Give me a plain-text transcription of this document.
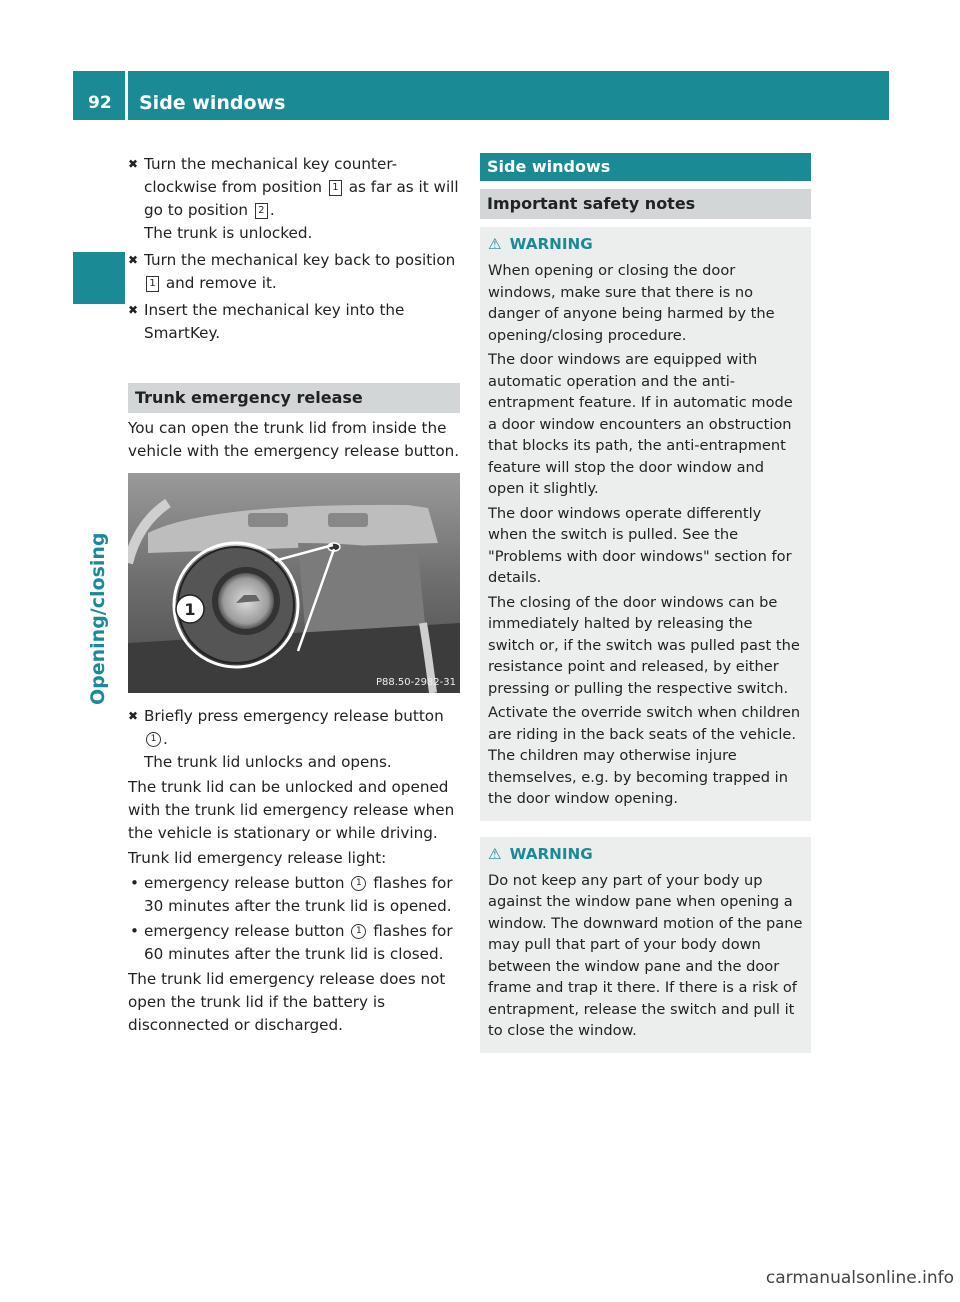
92 Side windows
Opening/closing
✖ Turn the mechanical key counter-clockwise from position 1 as far as it will go to position 2 .
The trunk is unlocked.
✖ Turn the mechanical key back to position 1 and remove it.
✖ Insert the mechanical key into the SmartKey.
Trunk emergency release

You can open the trunk lid from inside the vehicle with the emergency release button.

1
P88.50-2982-31
✖ Briefly press emergency release button 1 .
The trunk lid unlocks and opens.

The trunk lid can be unlocked and opened with the trunk lid emergency release when the vehicle is stationary or while driving.

Trunk lid emergency release light:

• emergency release button 1 flashes for 30 minutes after the trunk lid is opened.
• emergency release button 1 flashes for 60 minutes after the trunk lid is closed.

The trunk lid emergency release does not open the trunk lid if the battery is disconnected or discharged.

Side windows
Important safety notes
⚠ WARNING

When opening or closing the door windows, make sure that there is no danger of anyone being harmed by the opening/closing procedure.

The door windows are equipped with automatic operation and the anti-entrapment feature. If in automatic mode a door window encounters an obstruction that blocks its path, the anti-entrapment feature will stop the door window and open it slightly.

The door windows operate differently when the switch is pulled. See the "Problems with door windows" section for details.

The closing of the door windows can be immediately halted by releasing the switch or, if the switch was pulled past the resistance point and released, by either pressing or pulling the respective switch.

Activate the override switch when children are riding in the back seats of the vehicle. The children may otherwise injure themselves, e.g. by becoming trapped in the door window opening.

⚠ WARNING

Do not keep any part of your body up against the window pane when opening a window. The downward motion of the pane may pull that part of your body down between the window pane and the door frame and trap it there. If there is a risk of entrapment, release the switch and pull it to close the window.

carmanualsonline.info
